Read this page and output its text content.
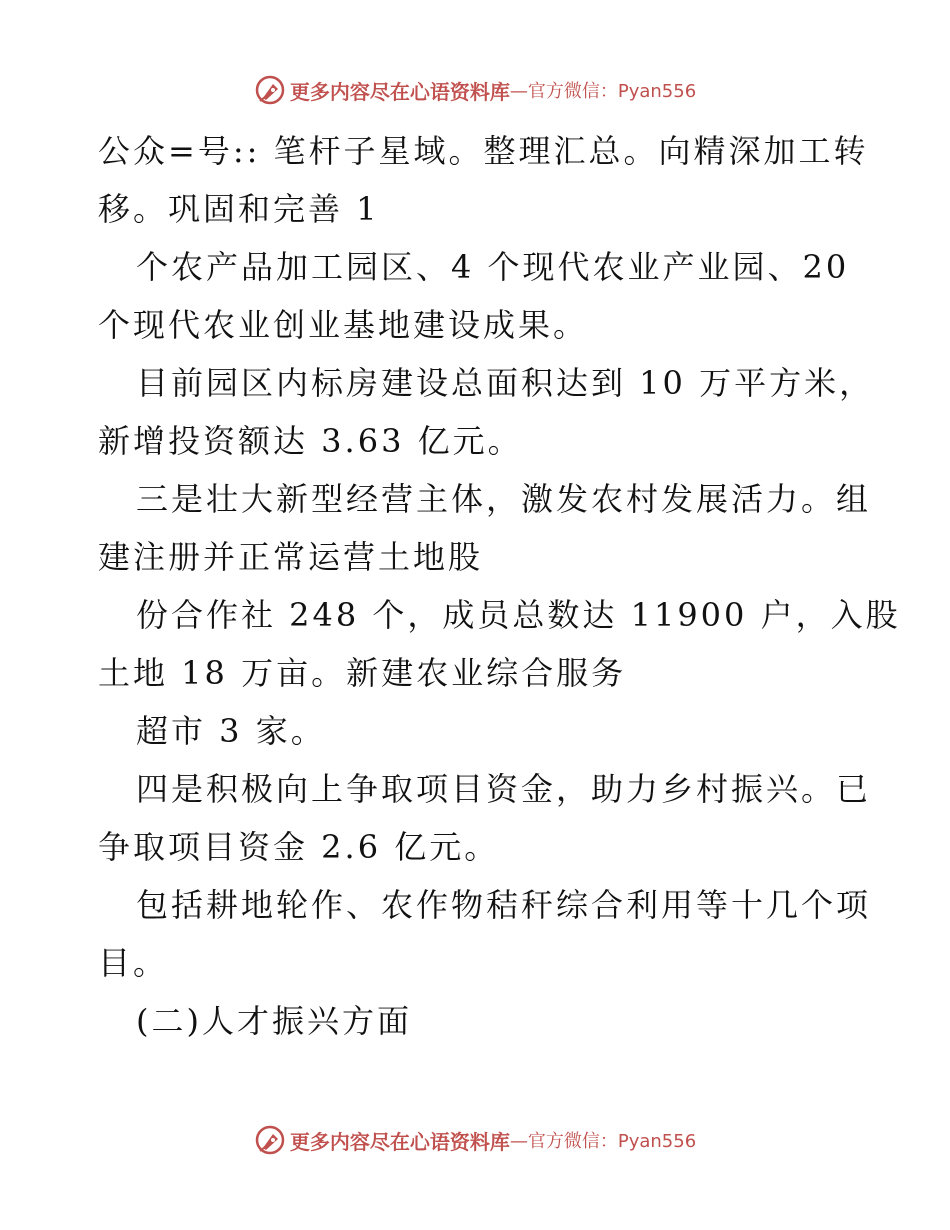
更多内容尽在心语资料库 —官方微信：Pyan556
公众=号:: 笔杆子星域。整理汇总。向精深加工转
移。巩固和完善 1
个农产品加工园区、4 个现代农业产业园、20
个现代农业创业基地建设成果。
目前园区内标房建设总面积达到 10 万平方米，
新增投资额达 3.63 亿元。
三是壮大新型经营主体，激发农村发展活力。组
建注册并正常运营土地股
份合作社 248 个，成员总数达 11900 户，入股
土地 18 万亩。新建农业综合服务
超市 3 家。
四是积极向上争取项目资金，助力乡村振兴。已
争取项目资金 2.6 亿元。
包括耕地轮作、农作物秸秆综合利用等十几个项
目。
(二)人才振兴方面
更多内容尽在心语资料库 —官方微信：Pyan556
